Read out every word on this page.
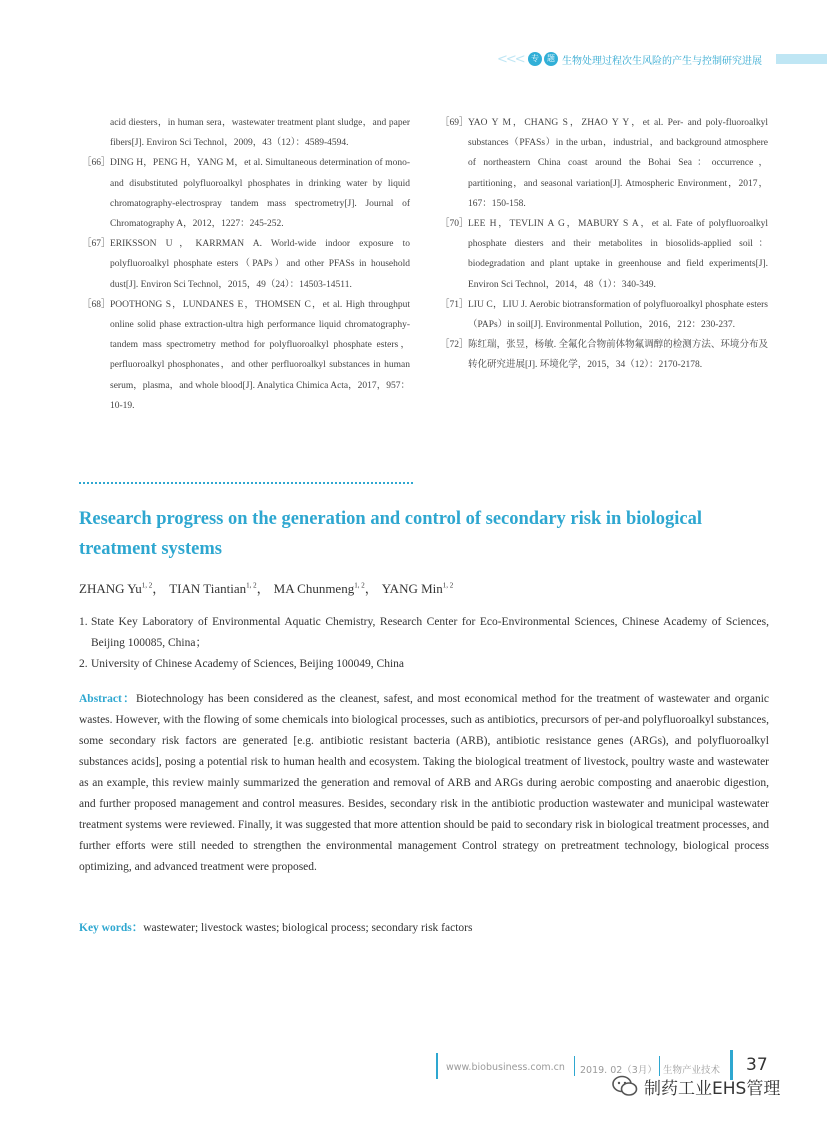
<<< 专	题 生物处理过程次生风险的产生与控制研究进展
acid diesters，in human sera，wastewater treatment plant sludge，and paper fibers[J]. Environ Sci Technol，2009，43（12）：4589-4594.
［66］ DING H，PENG H，YANG M，et al. Simultaneous determination of mono- and disubstituted polyfluoroalkyl phosphates in drinking water by liquid chromatography-electrospray tandem mass spectrometry[J]. Journal of Chromatography A，2012，1227：245-252.
［67］ ERIKSSON U，KARRMAN A. World-wide indoor exposure to polyfluoroalkyl phosphate esters（PAPs）and other PFASs in household dust[J]. Environ Sci Technol，2015，49（24）：14503-14511.
［68］ POOTHONG S，LUNDANES E，THOMSEN C，et al. High throughput online solid phase extraction-ultra high performance liquid chromatography-tandem mass spectrometry method for polyfluoroalkyl phosphate esters，perfluoroalkyl phosphonates，and other perfluoroalkyl substances in human serum，plasma，and whole blood[J]. Analytica Chimica Acta，2017，957：10-19.
［69］ YAO Y M，CHANG S，ZHAO Y Y，et al. Per- and poly-fluoroalkyl substances（PFASs）in the urban，industrial，and background atmosphere of northeastern China coast around the Bohai Sea：occurrence，partitioning，and seasonal variation[J]. Atmospheric Environment，2017，167：150-158.
［70］ LEE H，TEVLIN A G，MABURY S A，et al. Fate of polyfluoroalkyl phosphate diesters and their metabolites in biosolids-applied soil：biodegradation and plant uptake in greenhouse and field experiments[J]. Environ Sci Technol，2014，48（1）：340-349.
［71］ LIU C，LIU J. Aerobic biotransformation of polyfluoroalkyl phosphate esters（PAPs）in soil[J]. Environmental Pollution，2016，212：230-237.
［72］ 陈红瑞，张昱，杨敏. 全氟化合物前体物氟调醇的检测方法、环境分布及转化研究进展[J]. 环境化学，2015，34（12）：2170-2178.
Research progress on the generation and control of secondary risk in biological treatment systems
ZHANG Yu$^{1, 2}$， TIAN Tiantian$^{1, 2}$， MA Chunmeng$^{1, 2}$， YANG Min$^{1, 2}$
1. State Key Laboratory of Environmental Aquatic Chemistry, Research Center for Eco-Environmental Sciences, Chinese Academy of Sciences, Beijing 100085, China；
2. University of Chinese Academy of Sciences, Beijing 100049, China
Abstract：Biotechnology has been considered as the cleanest, safest, and most economical method for the treatment of wastewater and organic wastes. However, with the flowing of some chemicals into biological processes, such as antibiotics, precursors of per-and polyfluoroalkyl substances, some secondary risk factors are generated [e.g. antibiotic resistant bacteria (ARB), antibiotic resistance genes (ARGs), and polyfluoroalkyl substances acids], posing a potential risk to human health and ecosystem. Taking the biological treatment of livestock, poultry waste and wastewater as an example, this review mainly summarized the generation and removal of ARB and ARGs during aerobic composting and anaerobic digestion, and further proposed management and control measures. Besides, secondary risk in the antibiotic production wastewater and municipal wastewater treatment systems were reviewed. Finally, it was suggested that more attention should be paid to secondary risk in biological treatment processes, and further efforts were still needed to strengthen the environmental management Control strategy on pretreatment technology, biological process optimizing, and advanced treatment were proposed.
Key words：wastewater; livestock wastes; biological process; secondary risk factors
www.biobusiness.com.cn 2019. 02（3月） 生物产业技术 37
制药工业EHS管理
